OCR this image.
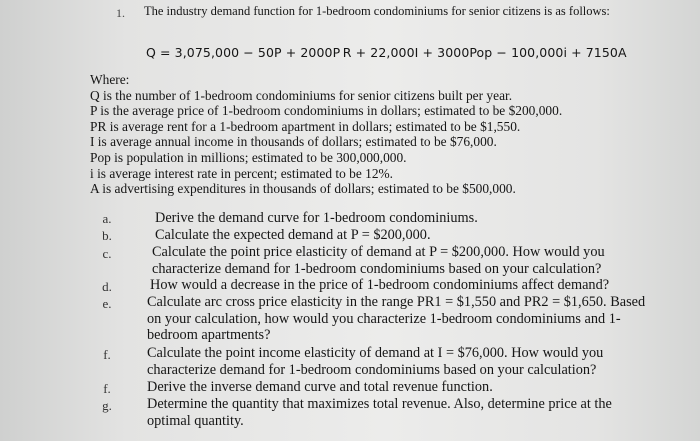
1. The industry demand function for 1-bedroom condominiums for senior citizens is as follows:
Q = 3,075,000 − 50P + 2000P R + 22,000I + 3000Pop − 100,000i + 7150A
Where:
Q is the number of 1-bedroom condominiums for senior citizens built per year.
P is the average price of 1-bedroom condominiums in dollars; estimated to be $200,000.
PR is average rent for a 1-bedroom apartment in dollars; estimated to be $1,550.
I is average annual income in thousands of dollars; estimated to be $76,000.
Pop is population in millions; estimated to be 300,000,000.
i is average interest rate in percent; estimated to be 12%.
A is advertising expenditures in thousands of dollars; estimated to be $500,000.
a.	Derive the demand curve for 1-bedroom condominiums.
b.	Calculate the expected demand at P = $200,000.
c.	Calculate the point price elasticity of demand at P = $200,000. How would you
characterize demand for 1-bedroom condominiums based on your calculation?
d.	How would a decrease in the price of 1-bedroom condominiums affect demand?
e.	Calculate arc cross price elasticity in the range PR1 = $1,550 and PR2 = $1,650. Based
on your calculation, how would you characterize 1-bedroom condominiums and 1-
bedroom apartments?
f.	Calculate the point income elasticity of demand at I = $76,000. How would you
characterize demand for 1-bedroom condominiums based on your calculation?
f.	Derive the inverse demand curve and total revenue function.
g.	Determine the quantity that maximizes total revenue. Also, determine price at the
optimal quantity.
